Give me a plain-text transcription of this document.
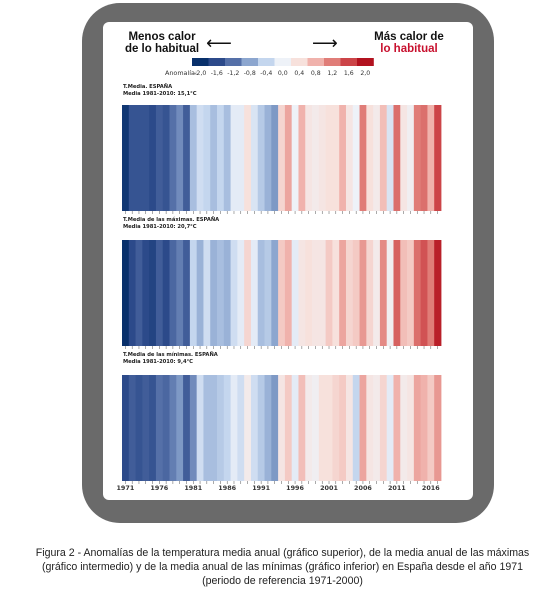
Menos calor
de lo habitual ⟵	⟶	Más calor de
lo habitual
Anomalía:
-2,0 -1,6 -1,2 -0,8 -0,4 0,0 0,4 0,8 1,2 1,6 2,0
T.Media. ESPAÑA
Media 1981-2010: 15,1°C
T.Media de las máximas. ESPAÑA
Media 1981-2010: 20,7°C
T.Media de las mínimas. ESPAÑA
Media 1981-2010: 9,4°C
1971	1976	1981	1986	1991	1996	2001	2006	2011	2016
Figura 2 - Anomalías de la temperatura media anual (gráfico superior), de la media anual de las máximas (gráfico intermedio) y de la media anual de las mínimas (gráfico inferior) en España desde el año 1971 (periodo de referencia 1971-2000)
